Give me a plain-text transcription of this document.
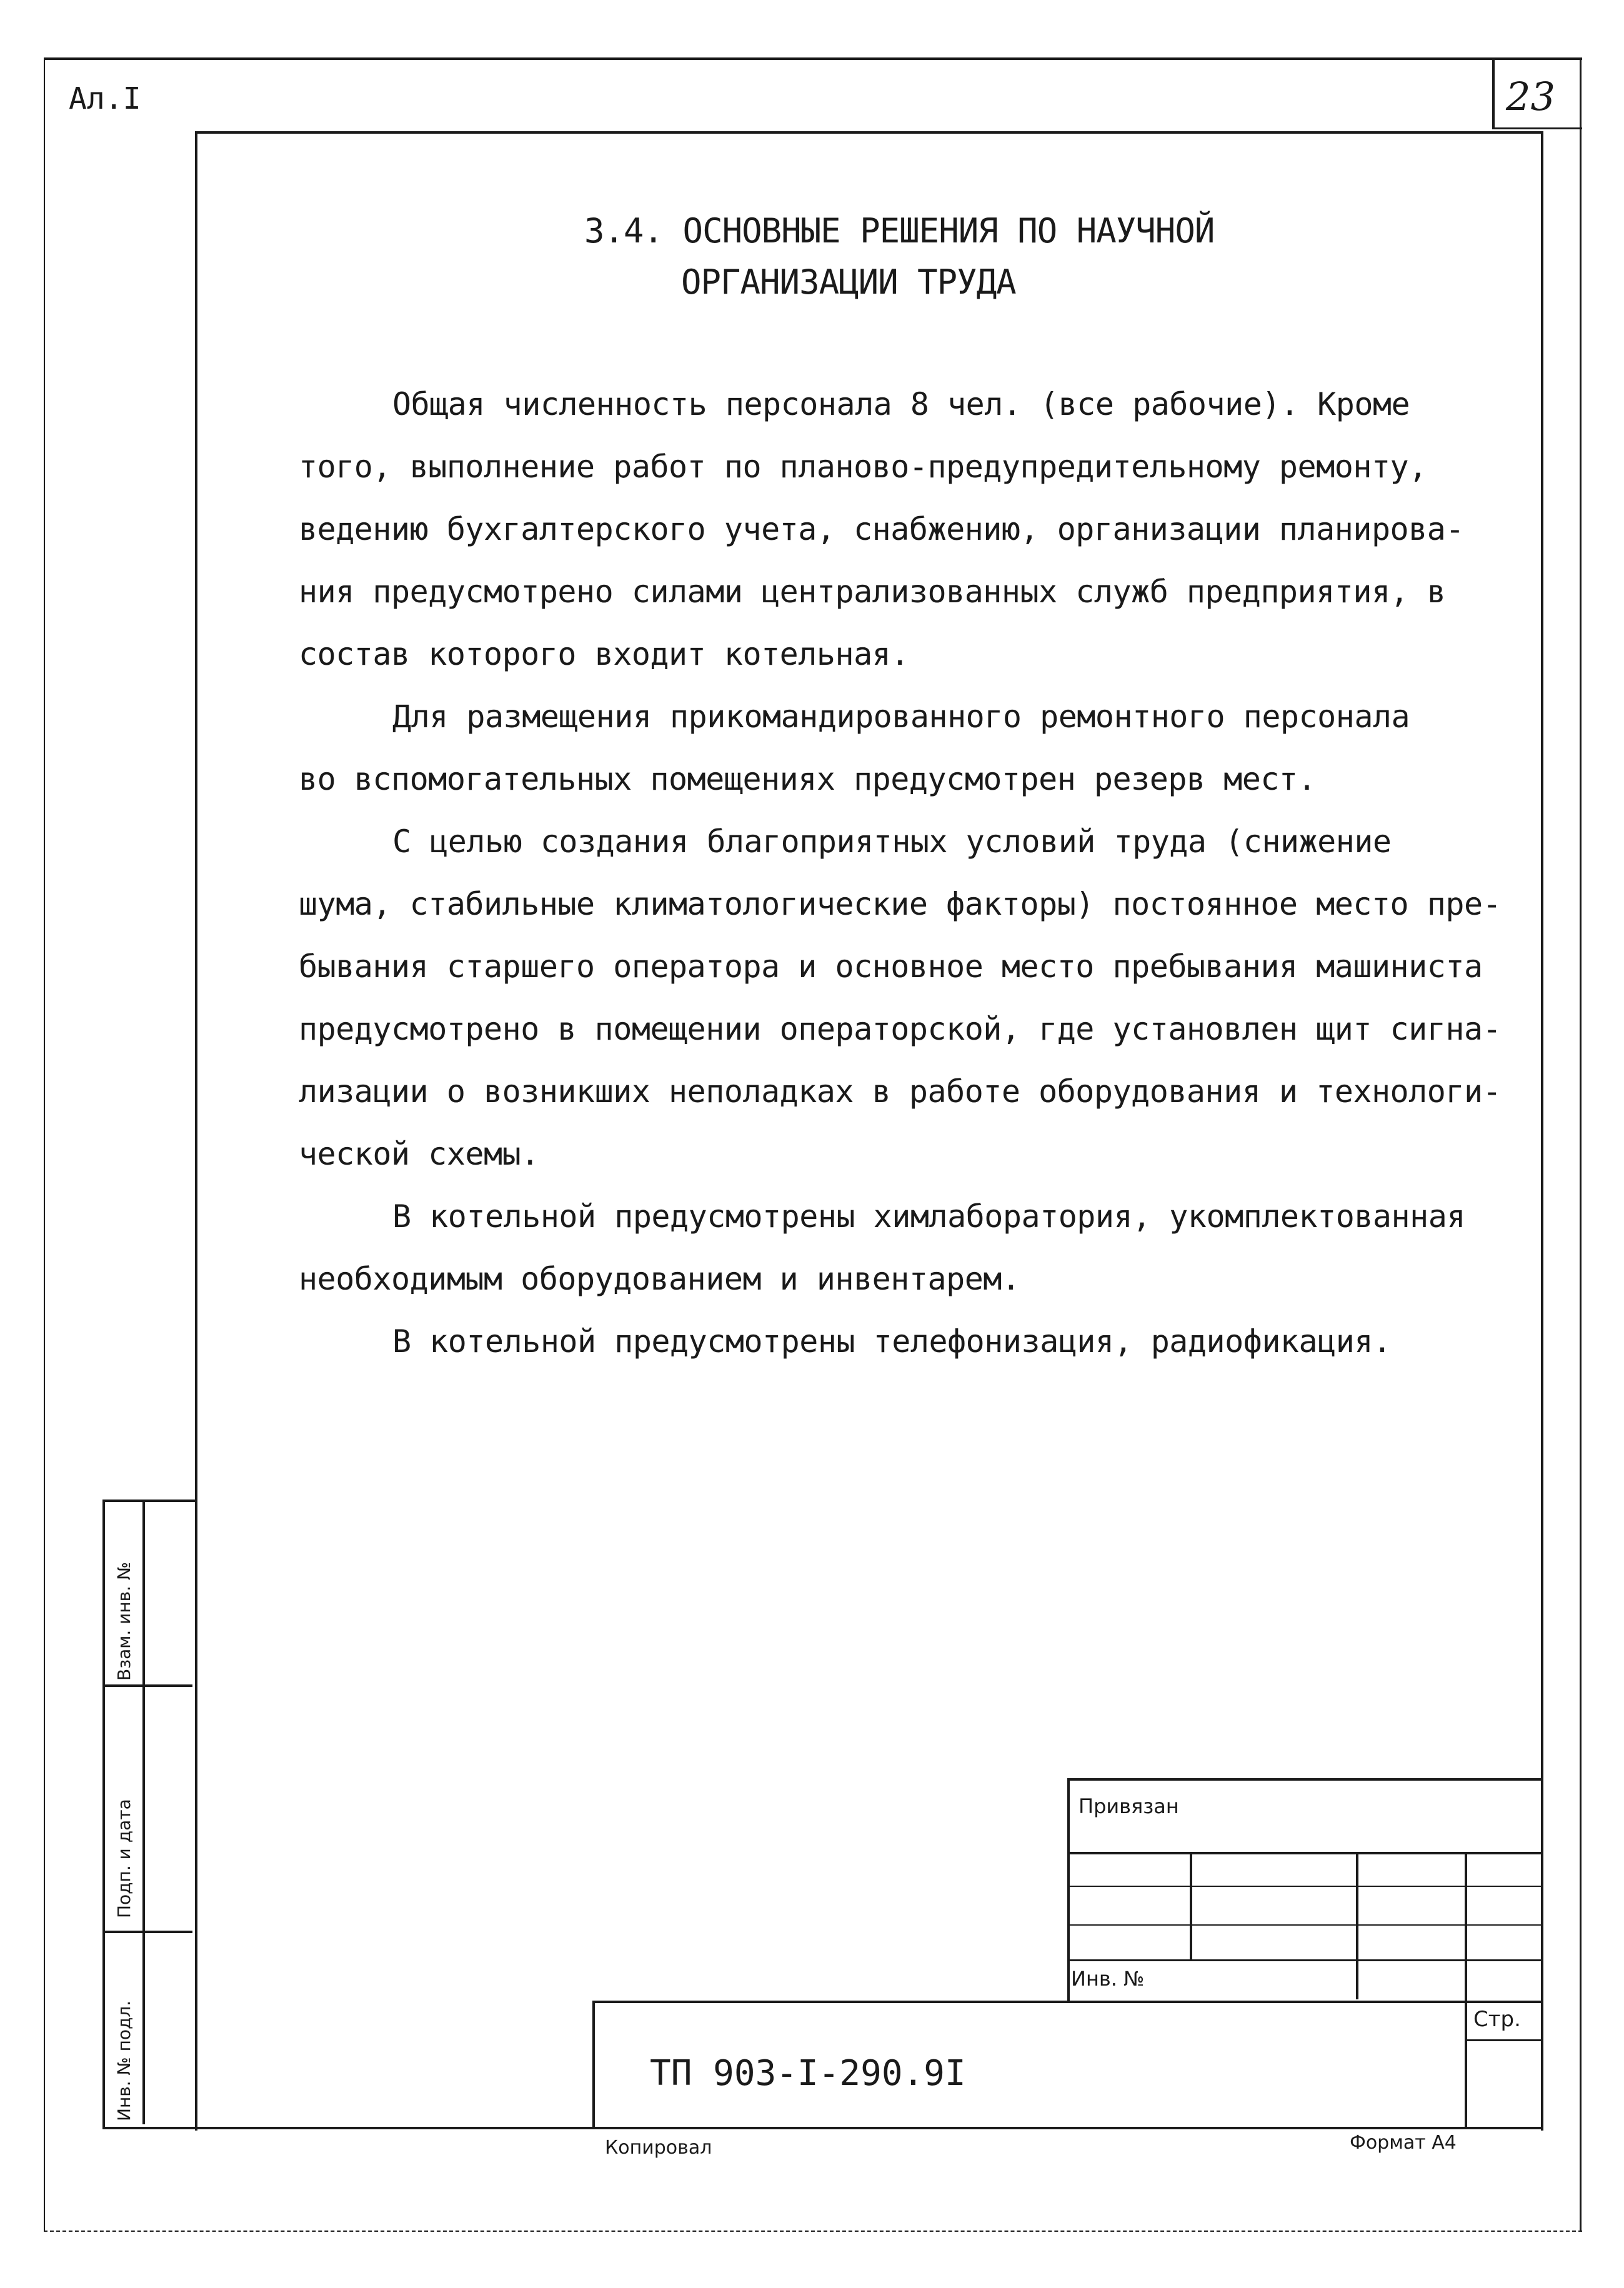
Ал.I	23
3.4. ОСНОВНЫЕ РЕШЕНИЯ ПО НАУЧНОЙ
ОРГАНИЗАЦИИ ТРУДА
Общая численность персонала 8 чел. (все рабочие). Кроме
того, выполнение работ по планово-предупредительному ремонту,
ведению бухгалтерского учета, снабжению, организации планирова-
ния предусмотрено силами централизованных служб предприятия, в
состав которого входит котельная.
Для размещения прикомандированного ремонтного персонала
во вспомогательных помещениях предусмотрен резерв мест.
С целью создания благоприятных условий труда (снижение
шума, стабильные климатологические факторы) постоянное место пре-
бывания старшего оператора и основное место пребывания машиниста
предусмотрено в помещении операторской, где установлен щит сигна-
лизации о возникших неполадках в работе оборудования и технологи-
ческой схемы.
В котельной предусмотрены химлаборатория, укомплектованная
необходимым оборудованием и инвентарем.
В котельной предусмотрены телефонизация, радиофикация.
Взам. инв. №
Подп. и дата
Инв. № подл.
Привязан
Инв. №
Стр.
ТП 903-I-290.9I
Копировал	Формат А4
